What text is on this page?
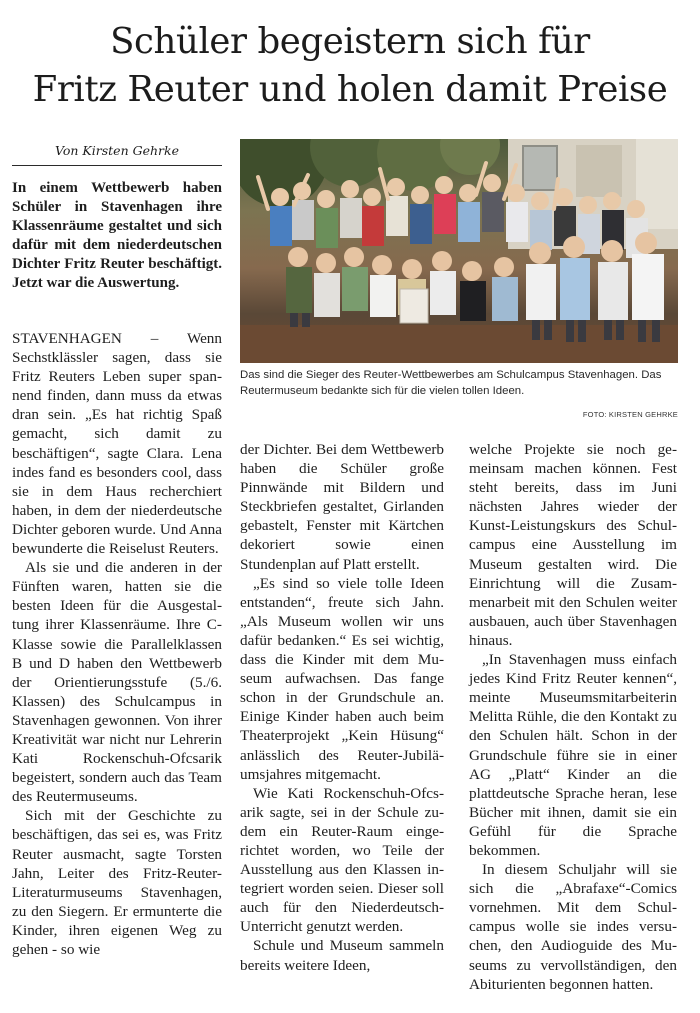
Schüler begeistern sich für
Fritz Reuter und holen damit Preise
Von Kirsten Gehrke

In einem Wettbewerb haben Schüler in Stavenhagen ihre Klassenräume gestaltet und sich dafür mit dem niederdeutschen Dichter Fritz Reuter beschäftigt. Jetzt war die Auswertung.

Das sind die Sieger des Reuter-Wettbewerbes am Schulcampus Stavenhagen. Das Reutermuseum bedankte sich für die vielen tollen Ideen.

FOTO: KIRSTEN GEHRKE

STAVENHAGEN – Wenn Sechstklässler sagen, dass sie Fritz Reuters Leben super spannend finden, dann muss da etwas dran sein. „Es hat richtig Spaß gemacht, sich damit zu beschäftigen“, sagte Clara. Lena indes fand es besonders cool, dass sie in dem Haus recherchiert haben, in dem der niederdeutsche Dichter geboren wurde. Und Anna bewunderte die Reiselust Reuters.

Als sie und die anderen in der Fünften waren, hatten sie die besten Ideen für die Ausgestaltung ihrer Klassenräume. Ihre C-Klasse sowie die Parallelklassen B und D haben den Wettbewerb der Orientierungsstufe (5./6. Klassen) des Schulcampus in Stavenhagen gewonnen. Von ihrer Kreativität war nicht nur Lehrerin Kati Rockenschuh-Ofcsarik begeistert, sondern auch das Team des Reutermuseums.

Sich mit der Geschichte zu beschäftigen, das sei es, was Fritz Reuter ausmacht, sagte Torsten Jahn, Leiter des Fritz-Reuter-Literaturmuseums Stavenhagen, zu den Siegern. Er ermunterte die Kinder, ihren eigenen Weg zu gehen - so wie

der Dichter. Bei dem Wettbewerb haben die Schüler große Pinnwände mit Bildern und Steckbriefen gestaltet, Girlanden gebastelt, Fenster mit Kärtchen dekoriert sowie einen Stundenplan auf Platt erstellt.

„Es sind so viele tolle Ideen entstanden“, freute sich Jahn. „Als Museum wollen wir uns dafür bedanken.“ Es sei wichtig, dass die Kinder mit dem Museum aufwachsen. Das fange schon in der Grundschule an. Einige Kinder haben auch beim Theaterprojekt „Kein Hüsung“ anlässlich des Reuter-Jubiläumsjahres mitgemacht.

Wie Kati Rockenschuh-Ofcsarik sagte, sei in der Schule zudem ein Reuter-Raum eingerichtet worden, wo Teile der Ausstellung aus den Klassen integriert worden seien. Dieser soll auch für den Niederdeutsch-Unterricht genutzt werden.

Schule und Museum sammeln bereits weitere Ideen,

welche Projekte sie noch gemeinsam machen können. Fest steht bereits, dass im Juni nächsten Jahres wieder der Kunst-Leistungskurs des Schulcampus eine Ausstellung im Museum gestalten wird. Die Einrichtung will die Zusammenarbeit mit den Schulen weiter ausbauen, auch über Stavenhagen hinaus.

„In Stavenhagen muss einfach jedes Kind Fritz Reuter kennen“, meinte Museumsmitarbeiterin Melitta Rühle, die den Kontakt zu den Schulen hält. Schon in der Grundschule führe sie in einer AG „Platt“ Kinder an die plattdeutsche Sprache heran, lese Bücher mit ihnen, damit sie ein Gefühl für die Sprache bekommen.

In diesem Schuljahr will sie sich die „Abrafaxe“-Comics vornehmen. Mit dem Schulcampus wolle sie indes versuchen, den Audioguide des Museums zu vervollständigen, den Abiturienten begonnen hatten.
